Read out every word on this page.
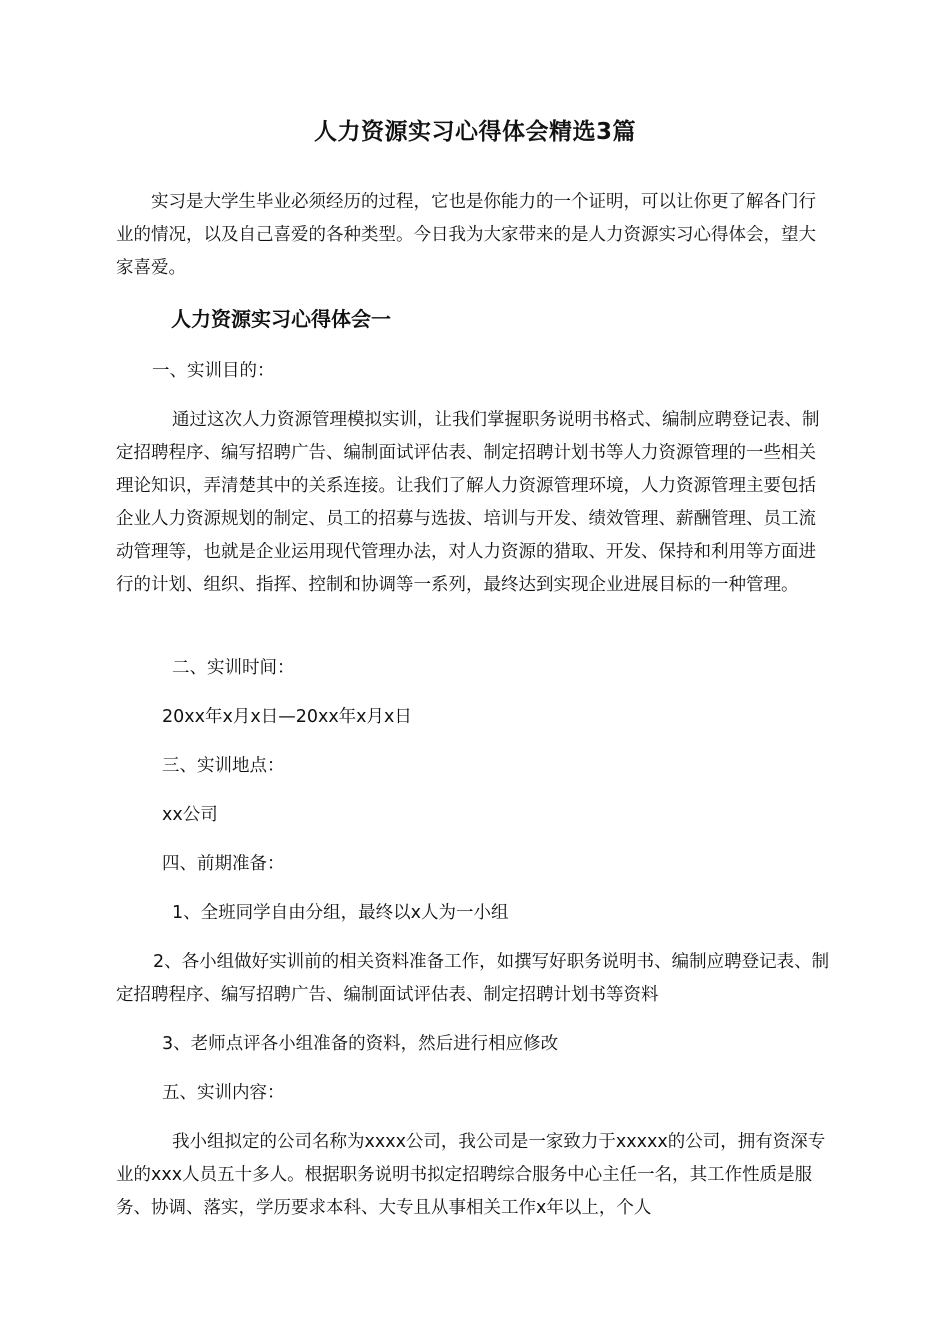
人力资源实习心得体会精选3篇

实习是大学生毕业必须经历的过程，它也是你能力的一个证明，可以让你更了解各门行业的情况，以及自己喜爱的各种类型。今日我为大家带来的是人力资源实习心得体会，望大家喜爱。

人力资源实习心得体会一
一、实训目的：

通过这次人力资源管理模拟实训，让我们掌握职务说明书格式、编制应聘登记表、制定招聘程序、编写招聘广告、编制面试评估表、制定招聘计划书等人力资源管理的一些相关理论知识，弄清楚其中的关系连接。让我们了解人力资源管理环境，人力资源管理主要包括企业人力资源规划的制定、员工的招募与选拔、培训与开发、绩效管理、薪酬管理、员工流动管理等，也就是企业运用现代管理办法，对人力资源的猎取、开发、保持和利用等方面进行的计划、组织、指挥、控制和协调等一系列，最终达到实现企业进展目标的一种管理。

二、实训时间：
20xx年x月x日—20xx年x月x日
三、实训地点：
xx公司
四、前期准备：
1、全班同学自由分组，最终以x人为一小组

2、各小组做好实训前的相关资料准备工作，如撰写好职务说明书、编制应聘登记表、制定招聘程序、编写招聘广告、编制面试评估表、制定招聘计划书等资料

3、老师点评各小组准备的资料，然后进行相应修改
五、实训内容：

我小组拟定的公司名称为xxxx公司，我公司是一家致力于xxxxx的公司，拥有资深专业的xxx人员五十多人。根据职务说明书拟定招聘综合服务中心主任一名，其工作性质是服务、协调、落实，学历要求本科、大专且从事相关工作x年以上，个人
